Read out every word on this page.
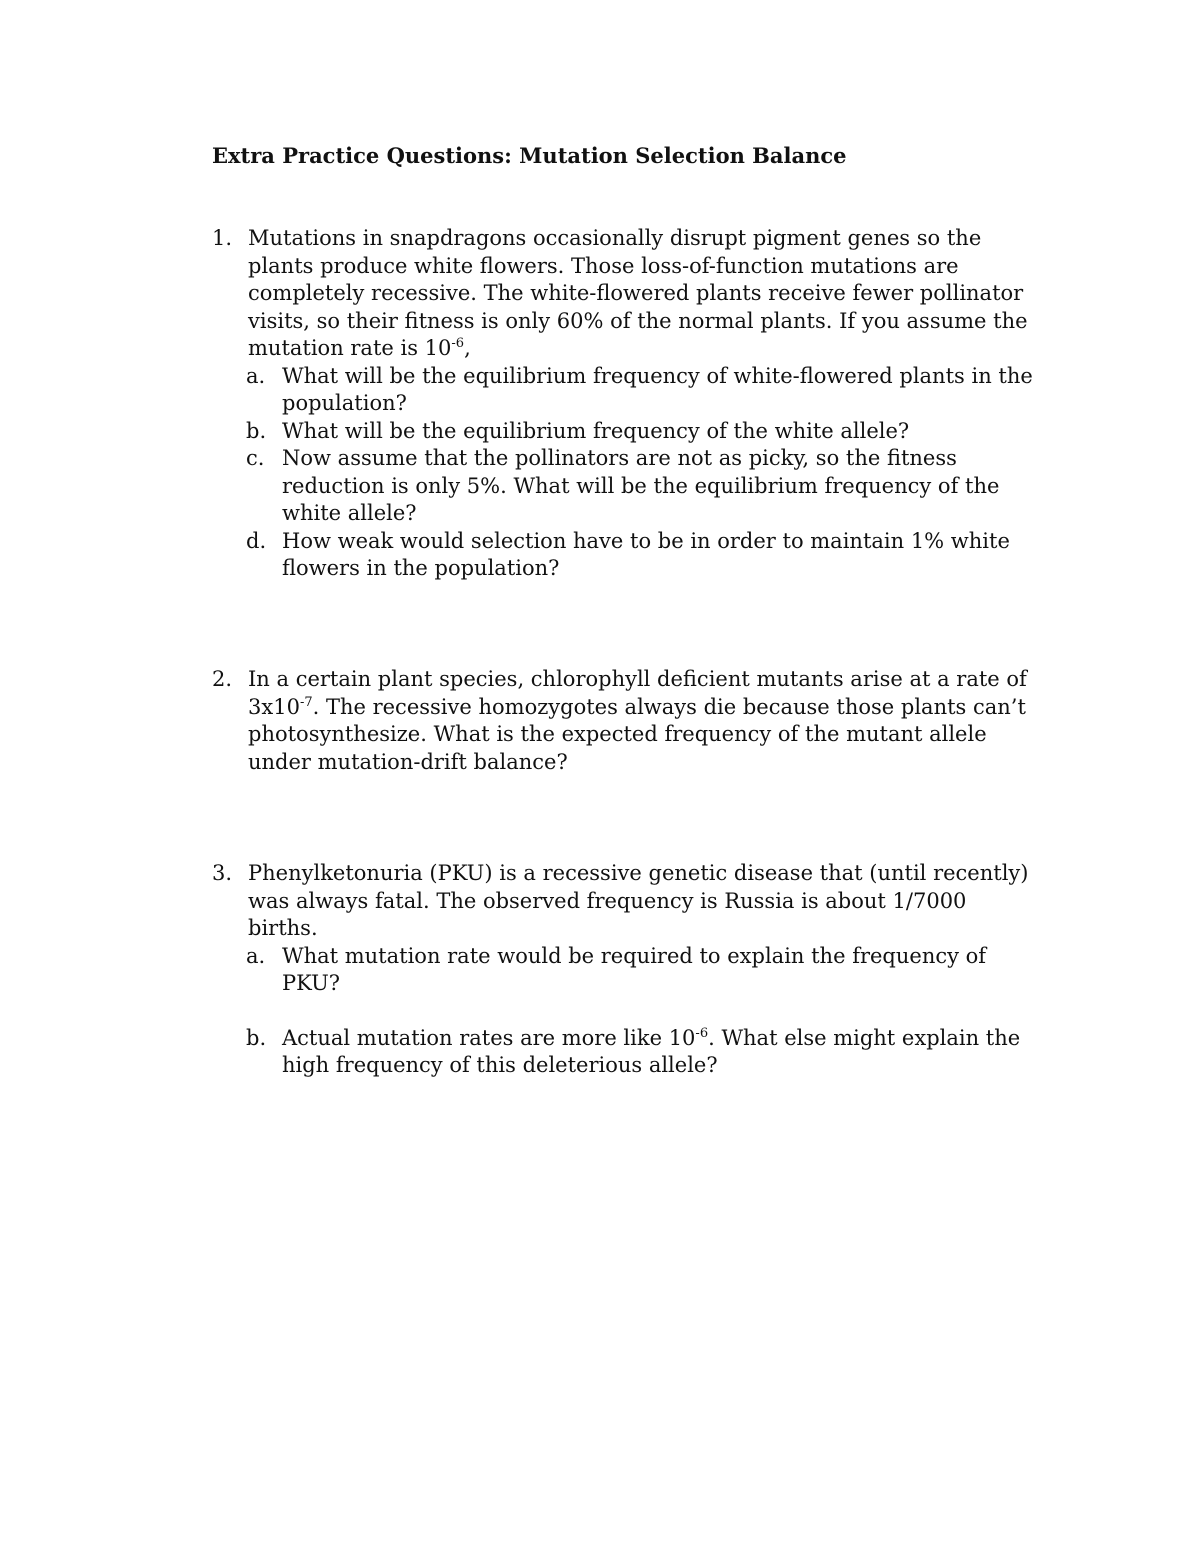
Extra Practice Questions: Mutation Selection Balance
1. Mutations in snapdragons occasionally disrupt pigment genes so the plants produce white flowers. Those loss-of-function mutations are completely recessive. The white-flowered plants receive fewer pollinator visits, so their fitness is only 60% of the normal plants. If you assume the mutation rate is $10^{-6}$,
a. What will be the equilibrium frequency of white-flowered plants in the population?
b. What will be the equilibrium frequency of the white allele?
c. Now assume that the pollinators are not as picky, so the fitness reduction is only 5%. What will be the equilibrium frequency of the white allele?
d. How weak would selection have to be in order to maintain 1% white flowers in the population?
2. In a certain plant species, chlorophyll deficient mutants arise at a rate of $3x10^{-7}$. The recessive homozygotes always die because those plants can’t photosynthesize. What is the expected frequency of the mutant allele under mutation-drift balance?
3. Phenylketonuria (PKU) is a recessive genetic disease that (until recently) was always fatal. The observed frequency is Russia is about 1/7000 births.
a. What mutation rate would be required to explain the frequency of PKU?
b. Actual mutation rates are more like $10^{-6}$. What else might explain the high frequency of this deleterious allele?
